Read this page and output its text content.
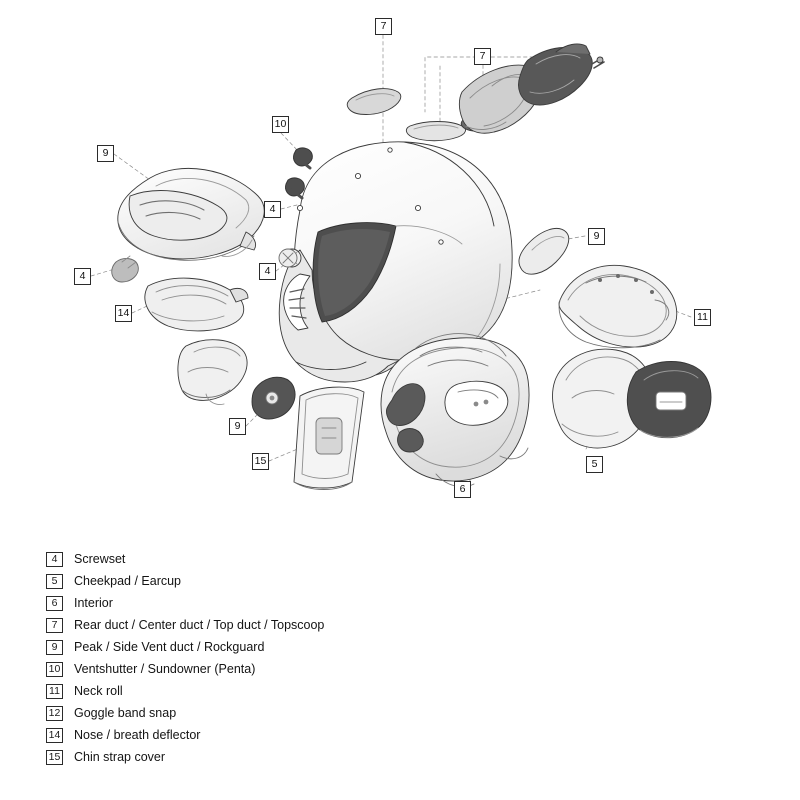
7
7
10
9
4
9
4
4
14	11
9
15	5
6
4	Screwset
5	Cheekpad / Earcup
6	Interior
7	Rear duct / Center duct / Top duct / Topscoop
9	Peak / Side Vent duct / Rockguard
10 Ventshutter / Sundowner (Penta)
11 Neck roll
12 Goggle band snap
14 Nose / breath deflector
15 Chin strap cover
